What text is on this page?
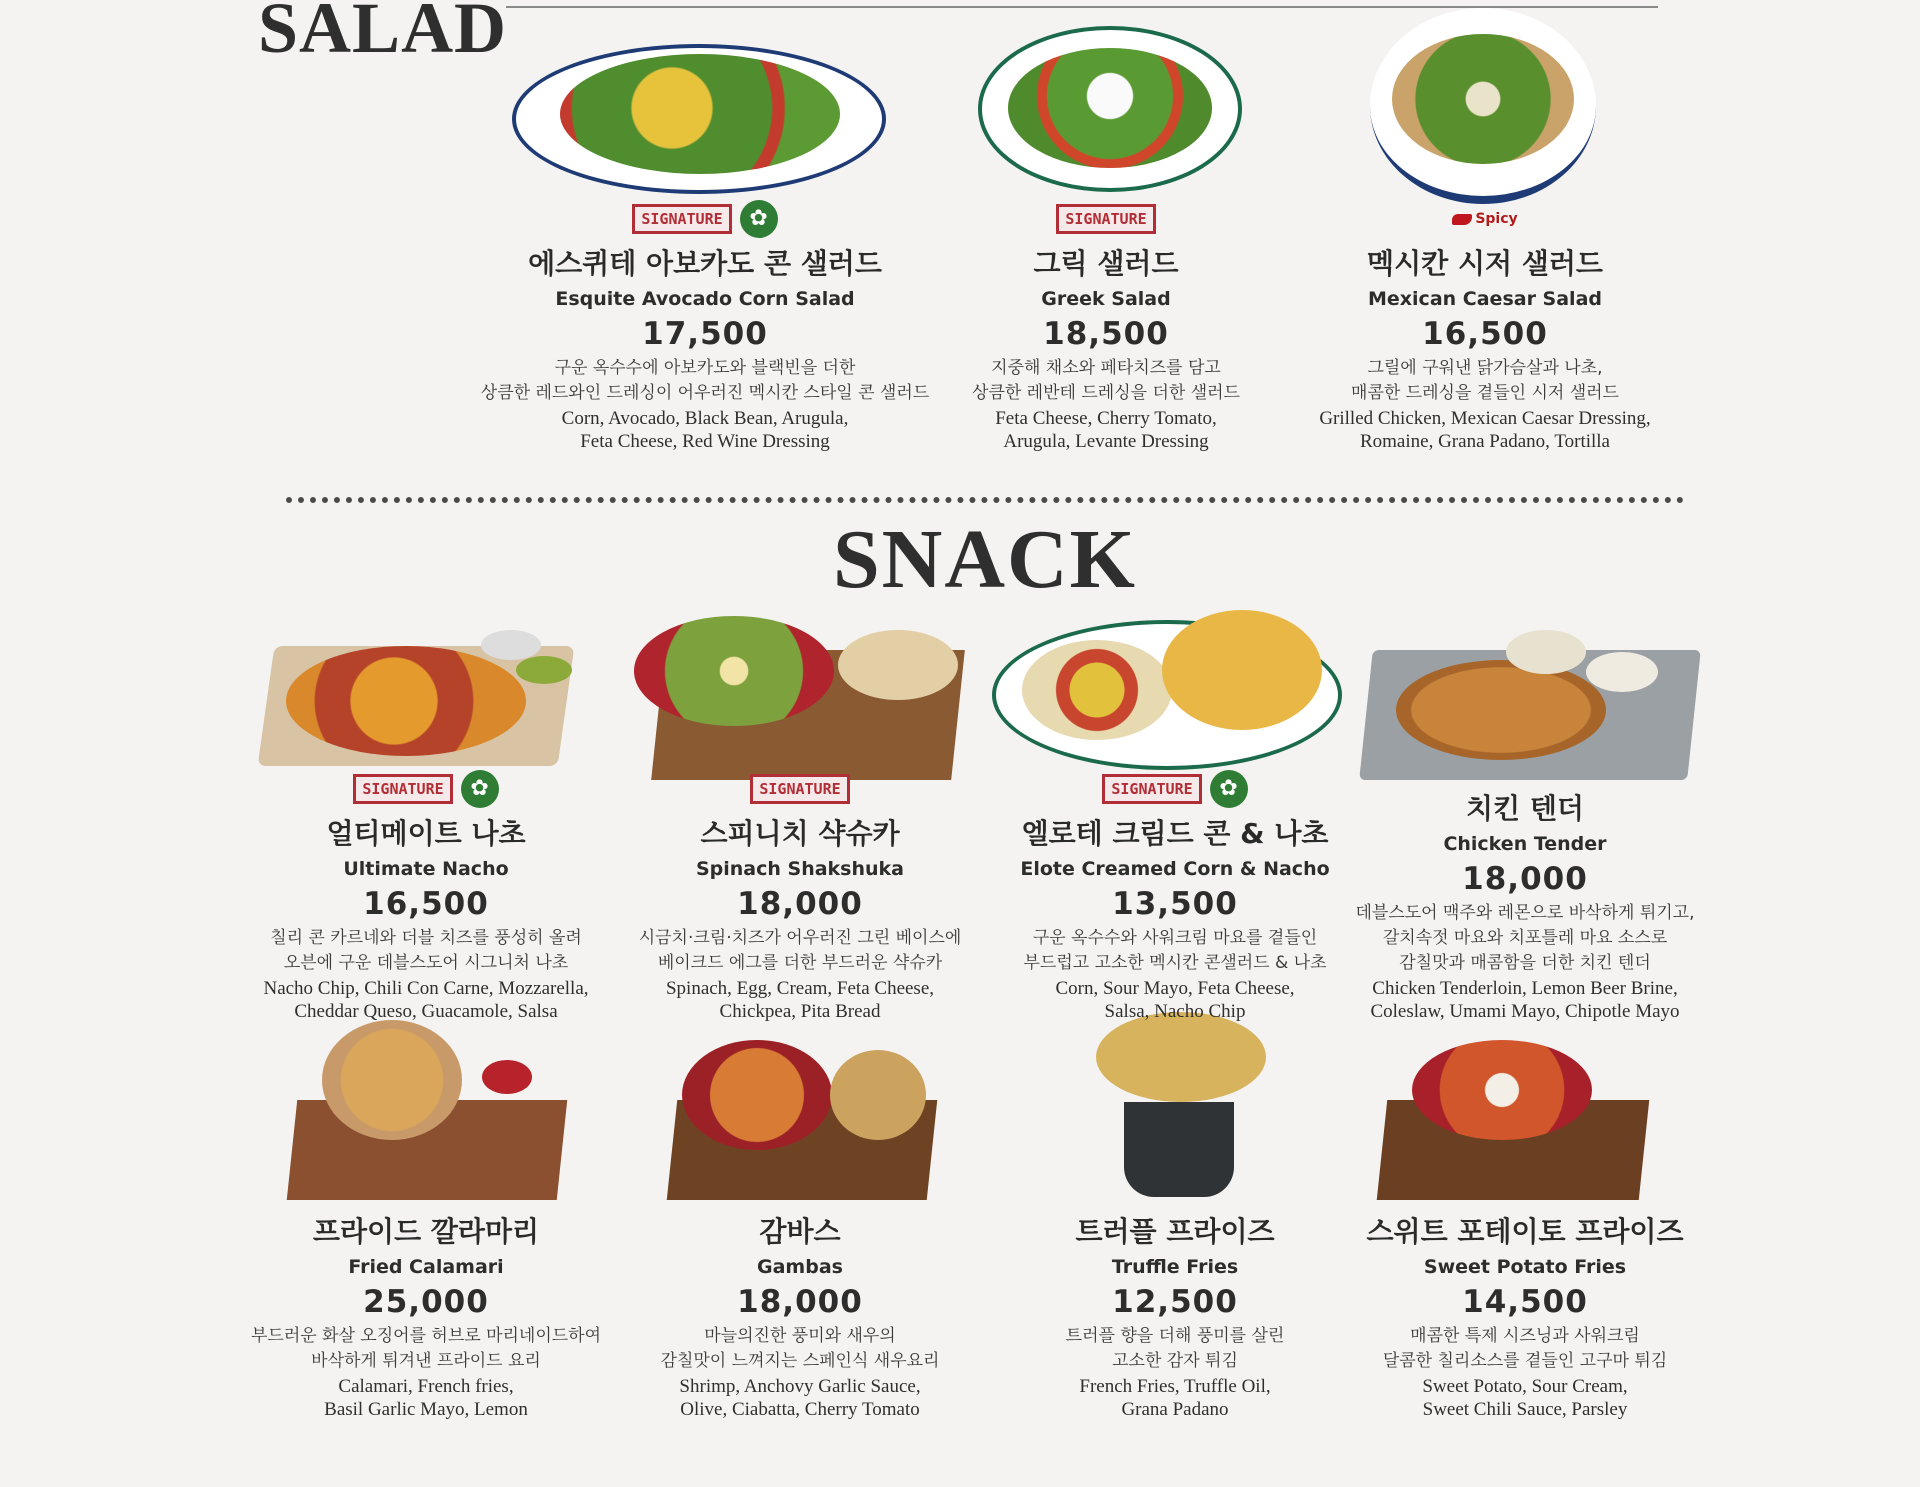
SALAD
SNACK
SIGNATURE	✿
에스퀴테 아보카도 콘 샐러드
Esquite Avocado Corn Salad
17,500
구운 옥수수에 아보카도와 블랙빈을 더한
상큼한 레드와인 드레싱이 어우러진 멕시칸 스타일 콘 샐러드
Corn, Avocado, Black Bean, Arugula,
Feta Cheese, Red Wine Dressing
SIGNATURE
그릭 샐러드
Greek Salad
18,500
지중해 채소와 페타치즈를 담고
상큼한 레반테 드레싱을 더한 샐러드
Feta Cheese, Cherry Tomato,
Arugula, Levante Dressing
Spicy
멕시칸 시저 샐러드
Mexican Caesar Salad
16,500
그릴에 구워낸 닭가슴살과 나초,
매콤한 드레싱을 곁들인 시저 샐러드
Grilled Chicken, Mexican Caesar Dressing,
Romaine, Grana Padano, Tortilla
SIGNATURE	✿
얼티메이트 나초
Ultimate Nacho
16,500
칠리 콘 카르네와 더블 치즈를 풍성히 올려
오븐에 구운 데블스도어 시그니처 나초
Nacho Chip, Chili Con Carne, Mozzarella,
Cheddar Queso, Guacamole, Salsa
SIGNATURE
스피니치 샥슈카
Spinach Shakshuka
18,000
시금치·크림·치즈가 어우러진 그린 베이스에
베이크드 에그를 더한 부드러운 샥슈카
Spinach, Egg, Cream, Feta Cheese,
Chickpea, Pita Bread
SIGNATURE	✿
엘로테 크림드 콘 & 나초
Elote Creamed Corn & Nacho
13,500
구운 옥수수와 사워크림 마요를 곁들인
부드럽고 고소한 멕시칸 콘샐러드 & 나초
Corn, Sour Mayo, Feta Cheese,
Salsa, Nacho Chip
치킨 텐더
Chicken Tender
18,000
데블스도어 맥주와 레몬으로 바삭하게 튀기고,
갈치속젓 마요와 치포틀레 마요 소스로
감칠맛과 매콤함을 더한 치킨 텐더
Chicken Tenderloin, Lemon Beer Brine,
Coleslaw, Umami Mayo, Chipotle Mayo
프라이드 깔라마리
Fried Calamari
25,000
부드러운 화살 오징어를 허브로 마리네이드하여
바삭하게 튀겨낸 프라이드 요리
Calamari, French fries,
Basil Garlic Mayo, Lemon
감바스
Gambas
18,000
마늘의진한 풍미와 새우의
감칠맛이 느껴지는 스페인식 새우요리
Shrimp, Anchovy Garlic Sauce,
Olive, Ciabatta, Cherry Tomato
트러플 프라이즈
Truffle Fries
12,500
트러플 향을 더해 풍미를 살린
고소한 감자 튀김
French Fries, Truffle Oil,
Grana Padano
스위트 포테이토 프라이즈
Sweet Potato Fries
14,500
매콤한 특제 시즈닝과 사워크림
달콤한 칠리소스를 곁들인 고구마 튀김
Sweet Potato, Sour Cream,
Sweet Chili Sauce, Parsley
